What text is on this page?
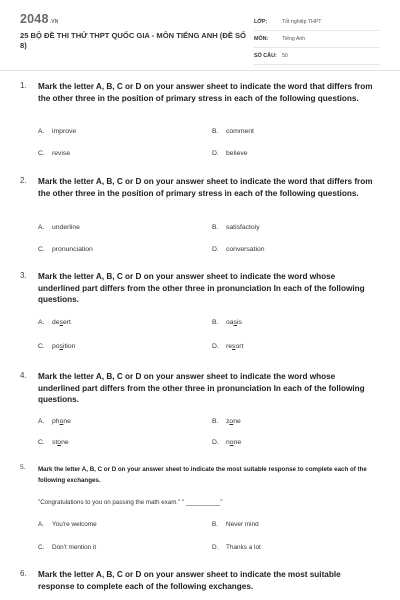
2048.VN
25 BỘ ĐỀ THI THỬ THPT QUỐC GIA - MÔN TIẾNG ANH (ĐỀ SỐ 8)
LỚP:	Tốt nghiệp THPT
MÔN:	Tiếng Anh
SỐ CÂU:	50
1. Mark the letter A, B, C or D on your answer sheet to indicate the word that differs from the other three in the position of primary stress in each of the following questions.
A. improve	B. comment
C. revise	D. believe
2. Mark the letter A, B, C or D on your answer sheet to indicate the word that differs from the other three in the position of primary stress in each of the following questions.
A. underline	B. satisfactoiy
C. pronunciation	D. conversation
3. Mark the letter A, B, C or D on your answer sheet to indicate the word whose underlined part differs from the other three in pronunciation In each of the following questions.
A. desert	B. oasis
C. position	D. resort
4. Mark the letter A, B, C or D on your answer sheet to indicate the word whose underlined part differs from the other three in pronunciation In each of the following questions.
A. phone	B. zone
C. stone	D. none
5. Mark the letter A, B, C or D on your answer sheet to indicate the most suitable response to complete each of the following exchanges.
"Congratulations to you on passing the math exam." " __________"
A. You're welcome	B. Never mind
C. Don't mention it	D. Thanks a lot
6. Mark the letter A, B, C or D on your answer sheet to indicate the most suitable response to complete each of the following exchanges.
